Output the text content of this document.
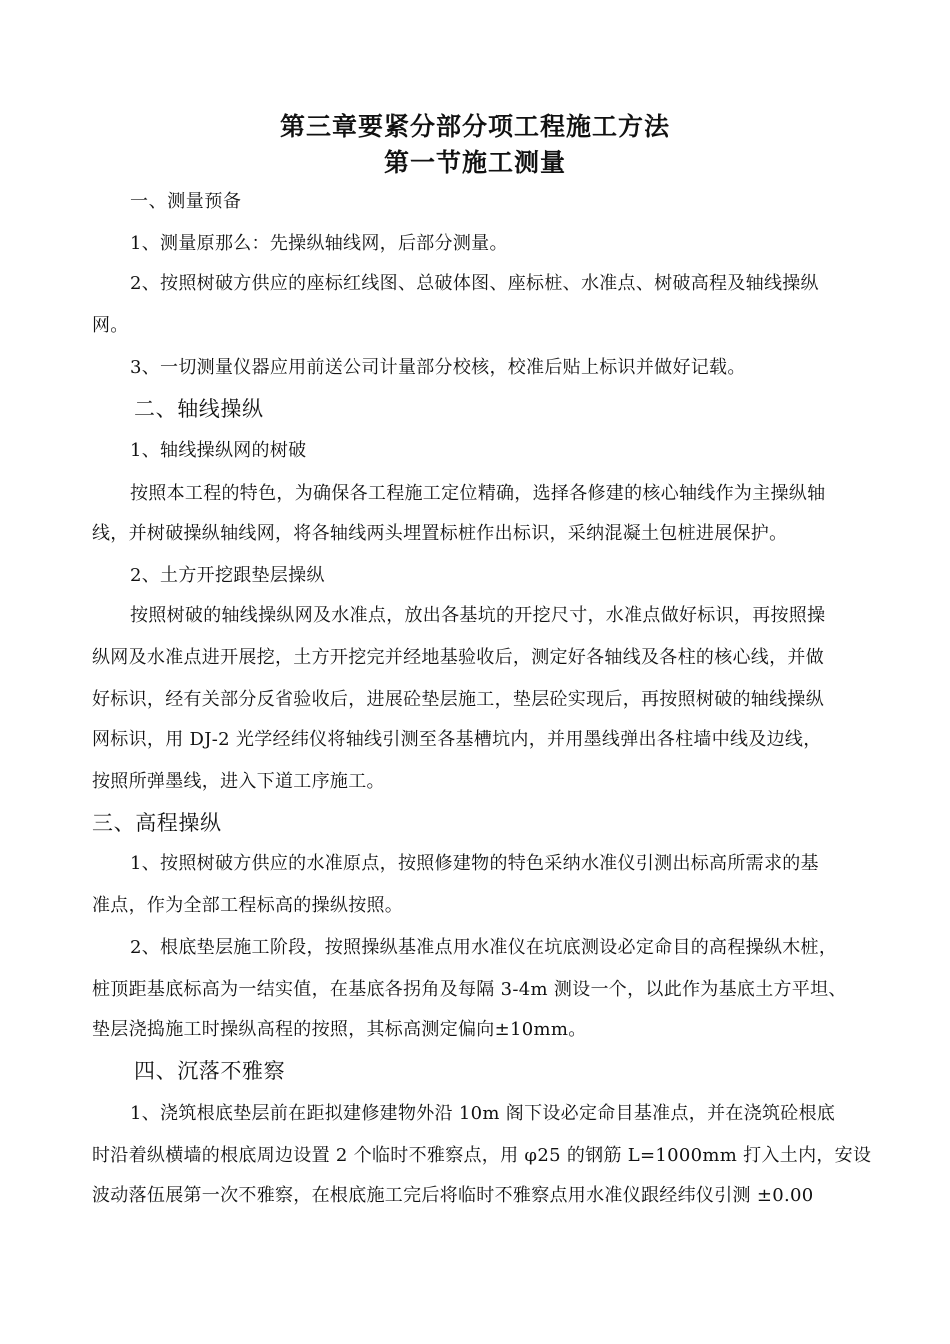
第三章要紧分部分项工程施工方法
第一节施工测量
一、测量预备
1、测量原那么：先操纵轴线网，后部分测量。
2、按照树破方供应的座标红线图、总破体图、座标桩、水准点、树破高程及轴线操纵
网。
3、一切测量仪器应用前送公司计量部分校核，校准后贴上标识并做好记载。
二、轴线操纵
1、轴线操纵网的树破
按照本工程的特色，为确保各工程施工定位精确，选择各修建的核心轴线作为主操纵轴
线，并树破操纵轴线网，将各轴线两头埋置标桩作出标识，采纳混凝土包桩进展保护。
2、土方开挖跟垫层操纵
按照树破的轴线操纵网及水准点，放出各基坑的开挖尺寸，水准点做好标识，再按照操
纵网及水准点进开展挖，土方开挖完并经地基验收后，测定好各轴线及各柱的核心线，并做
好标识，经有关部分反省验收后，进展砼垫层施工，垫层砼实现后，再按照树破的轴线操纵
网标识，用 DJ-2 光学经纬仪将轴线引测至各基槽坑内，并用墨线弹出各柱墙中线及边线，
按照所弹墨线，进入下道工序施工。
三、高程操纵
1、按照树破方供应的水准原点，按照修建物的特色采纳水准仪引测出标高所需求的基
准点，作为全部工程标高的操纵按照。
2、根底垫层施工阶段，按照操纵基准点用水准仪在坑底测设必定命目的高程操纵木桩，
桩顶距基底标高为一结实值，在基底各拐角及每隔 3-4m 测设一个，以此作为基底土方平坦、
垫层浇捣施工时操纵高程的按照，其标高测定偏向±10mm。
四、沉落不雅察
1、浇筑根底垫层前在距拟建修建物外沿 10m 阁下设必定命目基准点，并在浇筑砼根底
时沿着纵横墙的根底周边设置 2 个临时不雅察点，用 φ25 的钢筋 L=1000mm 打入土内，安设
波动落伍展第一次不雅察，在根底施工完后将临时不雅察点用水准仪跟经纬仪引测 ±0.00
